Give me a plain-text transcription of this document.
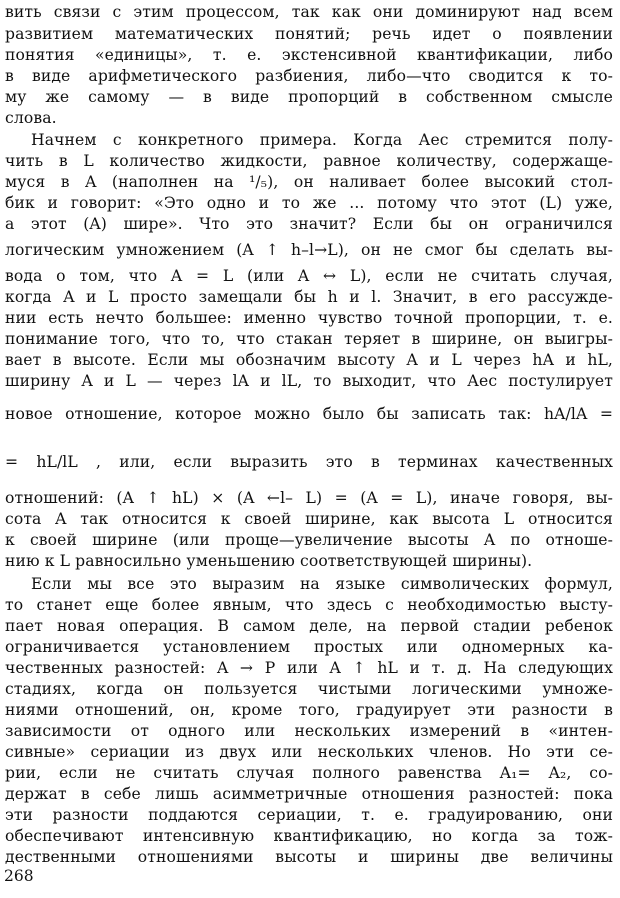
вить связи с этим процессом, так как они доминируют над всем
развитием математических понятий; речь идет о появлении
понятия «единицы», т. е. экстенсивной квантификации, либо
в виде арифметического разбиения, либо—что сводится к то-
му же самому — в виде пропорций в собственном смысле
слова.
Начнем с конкретного примера. Когда Аес стремится полу-
чить в L количество жидкости, равное количеству, содержаще-
муся в A (наполнен на ¹/₅), он наливает более высокий стол-
бик и говорит: «Это одно и то же ... потому что этот (L) уже,
а этот (A) шире». Что это значит? Если бы он ограничился
логическим умножением (A ↑ h–l→L), он не смог бы сделать вы-
вода о том, что A = L (или A ↔ L), если не считать случая,
когда A и L просто замещали бы h и l. Значит, в его рассужде-
нии есть нечто большее: именно чувство точной пропорции, т. е.
понимание того, что то, что стакан теряет в ширине, он выигры-
вает в высоте. Если мы обозначим высоту A и L через hA и hL,
ширину A и L — через lA и lL, то выходит, что Аес постулирует
новое отношение, которое можно было бы записать так: hA/lA =
= hL/lL , или, если выразить это в терминах качественных
отношений: (A ↑ hL) × (A ←l– L) = (A = L), иначе говоря, вы-
сота A так относится к своей ширине, как высота L относится
к своей ширине (или проще—увеличение высоты A по отноше-
нию к L равносильно уменьшению соответствующей ширины).
Если мы все это выразим на языке символических формул,
то станет еще более явным, что здесь с необходимостью высту-
пает новая операция. В самом деле, на первой стадии ребенок
ограничивается установлением простых или одномерных ка-
чественных разностей: A → P или A ↑ hL и т. д. На следующих
стадиях, когда он пользуется чистыми логическими умноже-
ниями отношений, он, кроме того, градуирует эти разности в
зависимости от одного или нескольких измерений в «интен-
сивные» сериации из двух или нескольких членов. Но эти се-
рии, если не считать случая полного равенства A₁= A₂, со-
держат в себе лишь асимметричные отношения разностей: пока
эти разности поддаются сериации, т. е. градуированию, они
обеспечивают интенсивную квантификацию, но когда за тож-
дественными отношениями высоты и ширины две величины
268
